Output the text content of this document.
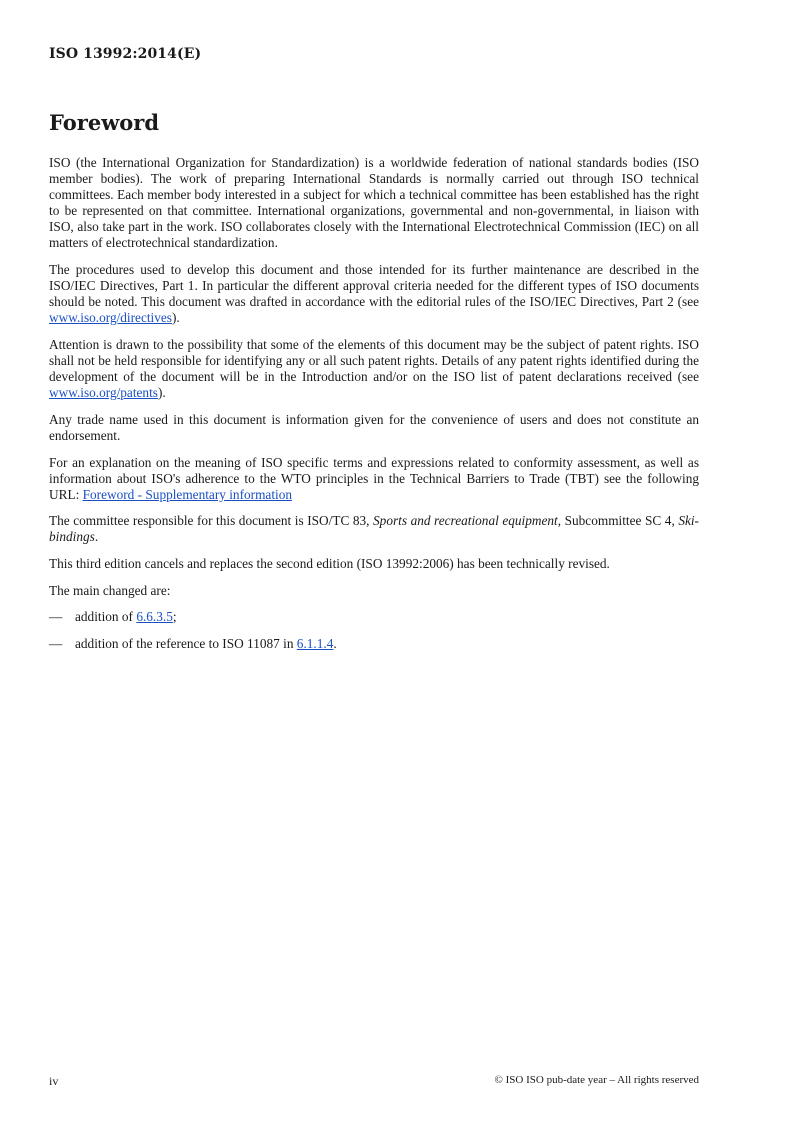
ISO 13992:2014(E)
Foreword

ISO (the International Organization for Standardization) is a worldwide federation of national standards bodies (ISO member bodies). The work of preparing International Standards is normally carried out through ISO technical committees. Each member body interested in a subject for which a technical committee has been established has the right to be represented on that committee. International organizations, governmental and non-governmental, in liaison with ISO, also take part in the work. ISO collaborates closely with the International Electrotechnical Commission (IEC) on all matters of electrotechnical standardization.

The procedures used to develop this document and those intended for its further maintenance are described in the ISO/IEC Directives, Part 1. In particular the different approval criteria needed for the different types of ISO documents should be noted. This document was drafted in accordance with the editorial rules of the ISO/IEC Directives, Part 2 (see www.iso.org/directives).

Attention is drawn to the possibility that some of the elements of this document may be the subject of patent rights. ISO shall not be held responsible for identifying any or all such patent rights. Details of any patent rights identified during the development of the document will be in the Introduction and/or on the ISO list of patent declarations received (see www.iso.org/patents).

Any trade name used in this document is information given for the convenience of users and does not constitute an endorsement.

For an explanation on the meaning of ISO specific terms and expressions related to conformity assessment, as well as information about ISO's adherence to the WTO principles in the Technical Barriers to Trade (TBT) see the following URL: Foreword - Supplementary information

The committee responsible for this document is ISO/TC 83, Sports and recreational equipment, Subcommittee SC 4, Ski-bindings.

This third edition cancels and replaces the second edition (ISO 13992:2006) has been technically revised.

The main changed are:

— addition of 6.6.3.5;
— addition of the reference to ISO 11087 in 6.1.1.4.
iv	© ISO ISO pub-date year – All rights reserved
